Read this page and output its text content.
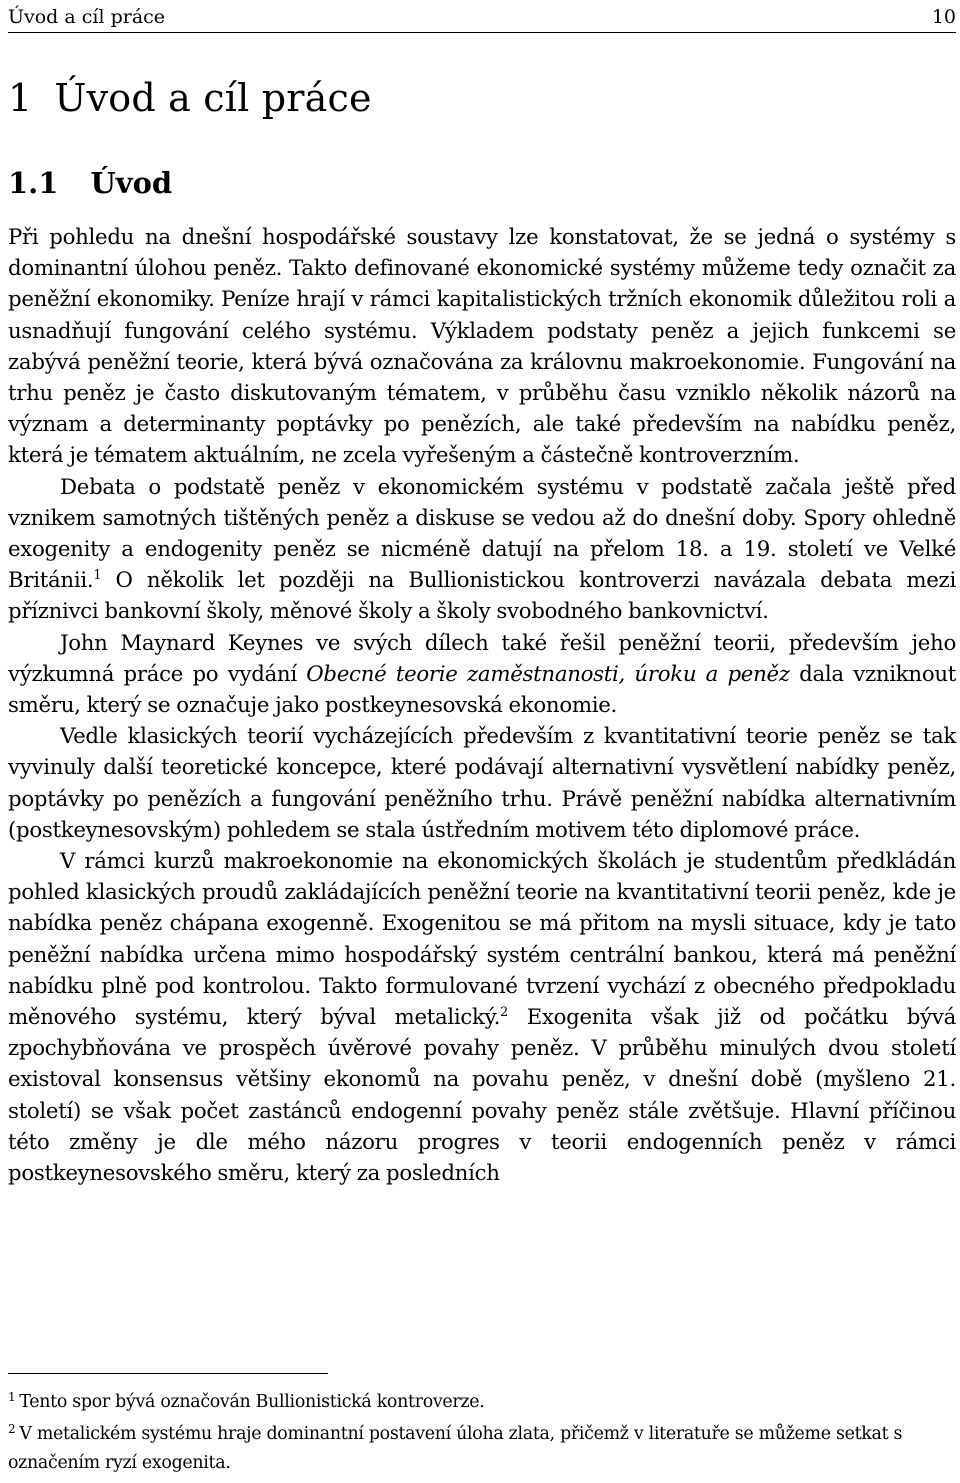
Úvod a cíl práce	10
1 Úvod a cíl práce
1.1 Úvod

Při pohledu na dnešní hospodářské soustavy lze konstatovat, že se jedná o systémy s dominantní úlohou peněz. Takto definované ekonomické systémy můžeme tedy označit za peněžní ekonomiky. Peníze hrají v rámci kapitalistických tržních ekonomik důležitou roli a usnadňují fungování celého systému. Výkladem podstaty peněz a jejich funkcemi se zabývá peněžní teorie, která bývá označována za královnu makroekonomie. Fungování na trhu peněz je často diskutovaným tématem, v průběhu času vzniklo několik názorů na význam a determinanty poptávky po penězích, ale také především na nabídku peněz, která je tématem aktuálním, ne zcela vyřešeným a částečně kontroverzním.

Debata o podstatě peněz v ekonomickém systému v podstatě začala ještě před vznikem samotných tištěných peněz a diskuse se vedou až do dnešní doby. Spory ohledně exogenity a endogenity peněz se nicméně datují na přelom 18. a 19. století ve Velké Británii.$^1$ O několik let později na Bullionistickou kontroverzi navázala debata mezi příznivci bankovní školy, měnové školy a školy svobodného bankovnictví.

John Maynard Keynes ve svých dílech také řešil peněžní teorii, především jeho výzkumná práce po vydání Obecné teorie zaměstnanosti, úroku a peněz dala vzniknout směru, který se označuje jako postkeynesovská ekonomie.

Vedle klasických teorií vycházejících především z kvantitativní teorie peněz se tak vyvinuly další teoretické koncepce, které podávají alternativní vysvětlení nabídky peněz, poptávky po penězích a fungování peněžního trhu. Právě peněžní nabídka alternativním (postkeynesovským) pohledem se stala ústředním motivem této diplomové práce.

V rámci kurzů makroekonomie na ekonomických školách je studentům předkládán pohled klasických proudů zakládajících peněžní teorie na kvantitativní teorii peněz, kde je nabídka peněz chápana exogenně. Exogenitou se má přitom na mysli situace, kdy je tato peněžní nabídka určena mimo hospodářský systém centrální bankou, která má peněžní nabídku plně pod kontrolou. Takto formulované tvrzení vychází z obecného předpokladu měnového systému, který býval metalický.$^2$ Exogenita však již od počátku bývá zpochybňována ve prospěch úvěrové povahy peněz. V průběhu minulých dvou století existoval konsensus většiny ekonomů na povahu peněz, v dnešní době (myšleno 21. století) se však počet zastánců endogenní povahy peněz stále zvětšuje. Hlavní příčinou této změny je dle mého názoru progres v teorii endogenních peněz v rámci postkeynesovského směru, který za posledních

$^1$ Tento spor bývá označován Bullionistická kontroverze.

$^2$ V metalickém systému hraje dominantní postavení úloha zlata, přičemž v literatuře se můžeme setkat s označením ryzí exogenita.
